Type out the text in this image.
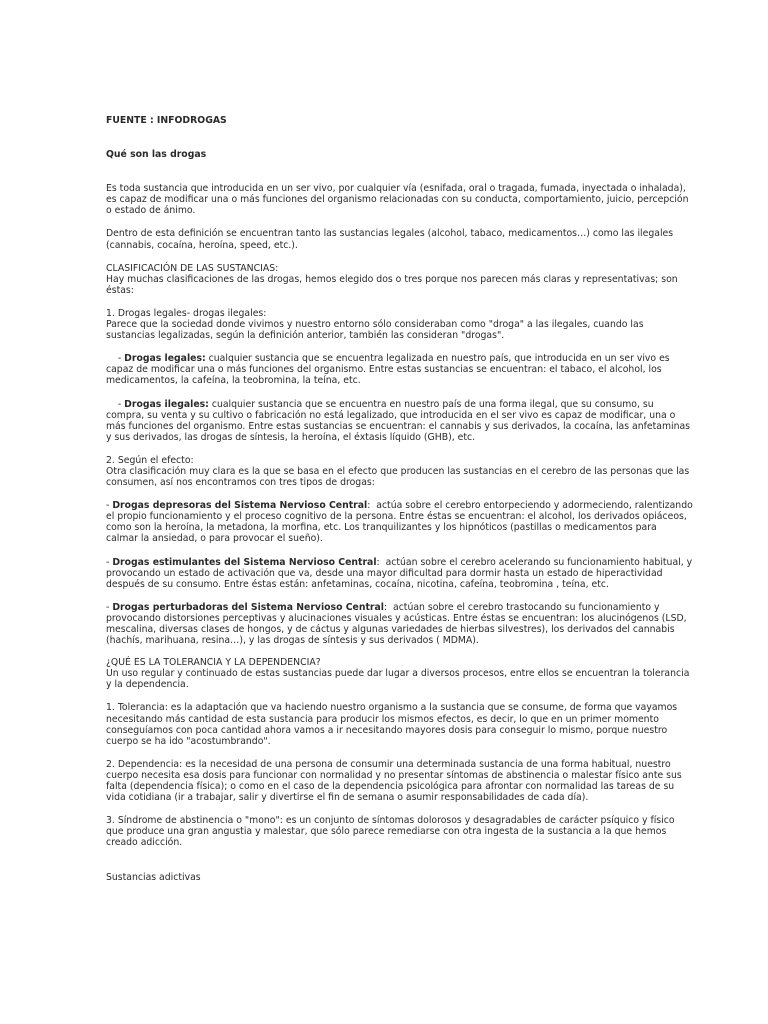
FUENTE : INFODROGAS

Qué son las drogas

Es toda sustancia que introducida en un ser vivo, por cualquier vía (esnifada, oral o tragada, fumada, inyectada o inhalada),

es capaz de modificar una o más funciones del organismo relacionadas con su conducta, comportamiento, juicio, percepción

o estado de ánimo.

Dentro de esta definición se encuentran tanto las sustancias legales (alcohol, tabaco, medicamentos…) como las ilegales

(cannabis, cocaína, heroína, speed, etc.).

CLASIFICACIÓN DE LAS SUSTANCIAS:

Hay muchas clasificaciones de las drogas, hemos elegido dos o tres porque nos parecen más claras y representativas; son

éstas:

1. Drogas legales- drogas ilegales:

Parece que la sociedad donde vivimos y nuestro entorno sólo consideraban como "droga" a las ilegales, cuando las

sustancias legalizadas, según la definición anterior, también las consideran "drogas".

- Drogas legales: cualquier sustancia que se encuentra legalizada en nuestro país, que introducida en un ser vivo es

capaz de modificar una o más funciones del organismo. Entre estas sustancias se encuentran: el tabaco, el alcohol, los

medicamentos, la cafeína, la teobromina, la teína, etc.

- Drogas ilegales: cualquier sustancia que se encuentra en nuestro país de una forma ilegal, que su consumo, su

compra, su venta y su cultivo o fabricación no está legalizado, que introducida en el ser vivo es capaz de modificar, una o

más funciones del organismo. Entre estas sustancias se encuentran: el cannabis y sus derivados, la cocaína, las anfetaminas

y sus derivados, las drogas de síntesis, la heroína, el éxtasis líquido (GHB), etc.

2. Según el efecto:

Otra clasificación muy clara es la que se basa en el efecto que producen las sustancias en el cerebro de las personas que las

consumen, así nos encontramos con tres tipos de drogas:

- Drogas depresoras del Sistema Nervioso Central:  actúa sobre el cerebro entorpeciendo y adormeciendo, ralentizando

el propio funcionamiento y el proceso cognitivo de la persona. Entre éstas se encuentran: el alcohol, los derivados opiáceos,

como son la heroína, la metadona, la morfina, etc. Los tranquilizantes y los hipnóticos (pastillas o medicamentos para

calmar la ansiedad, o para provocar el sueño).

- Drogas estimulantes del Sistema Nervioso Central:  actúan sobre el cerebro acelerando su funcionamiento habitual, y

provocando un estado de activación que va, desde una mayor dificultad para dormir hasta un estado de hiperactividad

después de su consumo. Entre éstas están: anfetaminas, cocaína, nicotina, cafeína, teobromina , teína, etc.

- Drogas perturbadoras del Sistema Nervioso Central:  actúan sobre el cerebro trastocando su funcionamiento y

provocando distorsiones perceptivas y alucinaciones visuales y acústicas. Entre éstas se encuentran: los alucinógenos (LSD,

mescalina, diversas clases de hongos, y de cáctus y algunas variedades de hierbas silvestres), los derivados del cannabis

(hachís, marihuana, resina…), y las drogas de síntesis y sus derivados ( MDMA).

¿QUÉ ES LA TOLERANCIA Y LA DEPENDENCIA?

Un uso regular y continuado de estas sustancias puede dar lugar a diversos procesos, entre ellos se encuentran la tolerancia

y la dependencia.

1. Tolerancia: es la adaptación que va haciendo nuestro organismo a la sustancia que se consume, de forma que vayamos

necesitando más cantidad de esta sustancia para producir los mismos efectos, es decir, lo que en un primer momento

conseguíamos con poca cantidad ahora vamos a ir necesitando mayores dosis para conseguir lo mismo, porque nuestro

cuerpo se ha ido "acostumbrando".

2. Dependencia: es la necesidad de una persona de consumir una determinada sustancia de una forma habitual, nuestro

cuerpo necesita esa dosis para funcionar con normalidad y no presentar síntomas de abstinencia o malestar físico ante sus

falta (dependencia física); o como en el caso de la dependencia psicológica para afrontar con normalidad las tareas de su

vida cotidiana (ir a trabajar, salir y divertirse el fin de semana o asumir responsabilidades de cada día).

3. Síndrome de abstinencia o "mono": es un conjunto de síntomas dolorosos y desagradables de carácter psíquico y físico

que produce una gran angustia y malestar, que sólo parece remediarse con otra ingesta de la sustancia a la que hemos

creado adicción.

Sustancias adictivas
